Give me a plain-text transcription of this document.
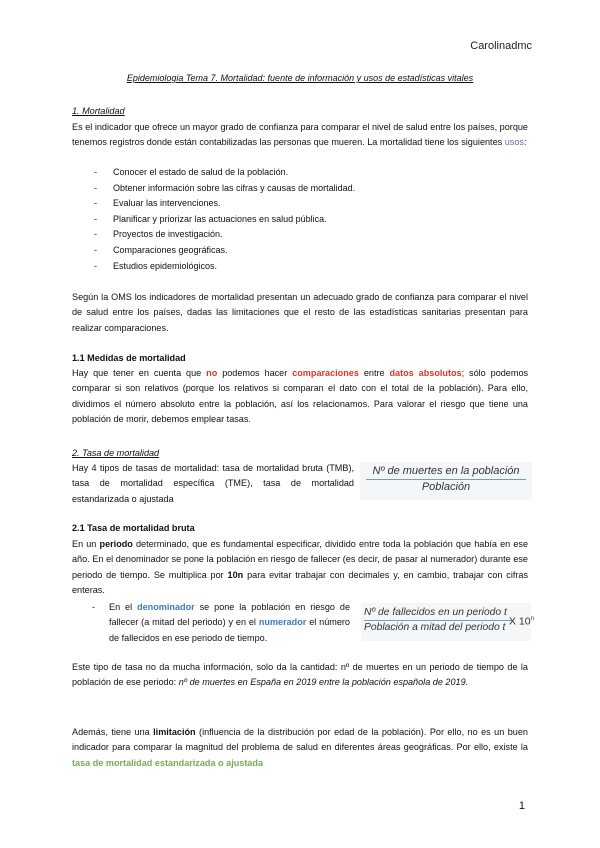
Carolinadmc
Epidemiologia Tema 7. Mortalidad: fuente de información y usos de estadísticas vitales
1. Mortalidad
Es el indicador que ofrece un mayor grado de confianza para comparar el nivel de salud entre los países, porque tenemos registros donde están contabilizadas las personas que mueren. La mortalidad tiene los siguientes usos:
- Conocer el estado de salud de la población.
- Obtener información sobre las cifras y causas de mortalidad.
- Evaluar las intervenciones.
- Planificar y priorizar las actuaciones en salud pública.
- Proyectos de investigación.
- Comparaciones geográficas.
- Estudios epidemiológicos.
Según la OMS los indicadores de mortalidad presentan un adecuado grado de confianza para comparar el nivel de salud entre los países, dadas las limitaciones que el resto de las estadísticas sanitarias presentan para realizar comparaciones.
1.1 Medidas de mortalidad
Hay que tener en cuenta que no podemos hacer comparaciones entre datos absolutos; sólo podemos comparar si son relativos (porque los relativos si comparan el dato con el total de la población). Para ello, dividimos el número absoluto entre la población, así los relacionamos. Para valorar el riesgo que tiene una población de morir, debemos emplear tasas.
2. Tasa de mortalidad
Hay 4 tipos de tasas de mortalidad: tasa de mortalidad bruta (TMB), tasa de mortalidad específica (TME), tasa de mortalidad estandarizada o ajustada
Nº de muertes en la población
Población
2.1 Tasa de mortalidad bruta
En un periodo determinado, que es fundamental especificar, dividido entre toda la población que había en ese año. En el denominador se pone la población en riesgo de fallecer (es decir, de pasar al numerador) durante ese periodo de tiempo. Se multiplica por 10n para evitar trabajar con decimales y, en cambio, trabajar con cifras enteras.
-	En el denominador se pone la población en riesgo de fallecer (a mitad del periodo) y en el numerador el número de fallecidos en ese periodo de tiempo.
Nº de fallecidos en un periodo t
Población a mitad del periodo t X 10$^n$
Este tipo de tasa no da mucha información, solo da la cantidad: nº de muertes en un periodo de tiempo de la población de ese periodo: nº de muertes en España en 2019 entre la población española de 2019.
Además, tiene una limitación (influencia de la distribución por edad de la población). Por ello, no es un buen indicador para comparar la magnitud del problema de salud en diferentes áreas geográficas. Por ello, existe la tasa de mortalidad estandarizada o ajustada
1
